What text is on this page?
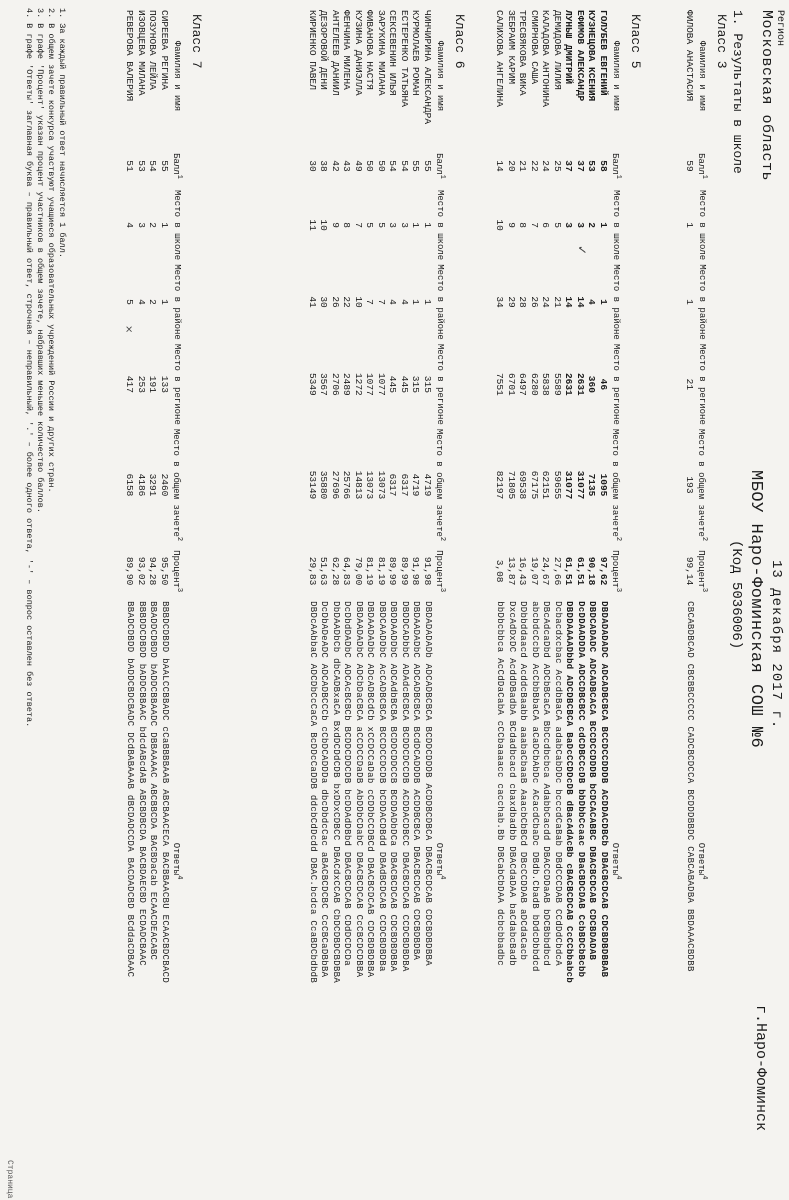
Регион
Московская область
13 декабря 2017 г.
МБОУ Наро-Фоминская СОШ №6
(Код 5036006)
г.Наро-Фоминск
1. Результаты в школе
Класс 3
Фамилия и имя	Балл$^1$	Место в школе	Место в районе	Место в регионе	Место в общем зачете$^2$	Процент$^3$	Ответы$^4$
ФИЛОВА АНАСТАСИЯ	59	1	1	21	193	99,14	CBCABDBCAD CBCBBCCCCC CADCBCDCCA BCDDDBBDC CABCABADBA BBDAAACBDBB
Класс 5
Фамилия и имя	Балл$^1$	Место в школе	Место в районе	Место в регионе	Место в общем зачете$^2$	Процент$^3$	Ответы$^4$
ГОЛУБЕВ ЕВГЕНИЙ	58	1	1	46	1095	97,62	DBDADADADC ADCADBCBCA BCCDCCDDDB ACDDACDBCb DBACBCDCAB CDCBDBDBBAB
КУЗНЕЦОВА КСЕНИЯ	53	2	4	360	7135	90,18	DBDCADADC ADCADBCACA BCCDCCDDDB bCDCACABBC DBACBCDCAB CDCBDADAB
ЕФИМОВ АЛЕКСАНДР	37	3	14	2631	31077	61,51	DcDDAADDDA ADCCDBCBCC cdCDBCCcDB bbDbbCcaac DBaCBDCDAB CcbBDCbBcbb
ЛУНЬШ ДМИТРИЙ	37	3	14	2631	31077	61,51	DBDDAAAADbbd ADCDBCBCA BaDcCCDDcDB dBacAdAcBb cBACBCDCAB CcCCbbabcb
ДЕМИДОВА ЛИЛИЯ	25	5	21	5589	59655	27,66	Dcbacdxcbac AccdbBaCA adabCabDDc bcccdCaBab DBdCCCDAB CCdDdCbdcA
КАЛАДОВА АНТОНИНА	24	6	24	5838	62151	24,67	DBcAdcaDbd ADCbBCaCA BbCcdbcbca AdabbCacdd DBACCDDaAB bDCBbbdbcd
СМИРНОВА САША	22	7	26	6280	67175	19,07	abcbdcCcbD AcCbbBbaCA aCaDCbAbDc ACacdCbaDc DBdb.CbadB bDdcDbbdcd
ТРЕСВЯКОВА ВИКА	21	8	28	6497	69538	16,43	DDbbddaacd AcddcBaabb aaabaCbaaB AaacbCbBCd DBcCCDDAB aDCdaCacb
ЗЕБРАИМ КАРИМ	20	9	29	6701	71805	13,87	DxcAdDxDC AcddDBadbA BCdadbcacd cbaxdbadbb DBACdaDAA baCdabcBadb
САЛИХОВА АНГЕЛИНА	14	10	34	7551	82197	3,08	bbDbcbbca AcCdDaCabA cCCbaaaacc cacchab.Bb DBCabCbDAA dcbcbbadbc
Класс 6
Фамилия и имя	Балл$^1$	Место в школе	Место в районе	Место в регионе	Место в общем зачете$^2$	Процент$^3$	Ответы$^4$
ЧИНЧИРИНА АЛЕКСАНДРА	55	1	1	315	4719	91,98	DBDADADADb ADCADBCBCA BCDDCDDDB ACDDBCDBCA DBACBCDCAB CDCBDBDBBA
КУРМОЛАЕВ РОМАН	55	1	1	315	4719	91,98	DBDAADADbC ADCADBCBCA BCdDCADDDB ACDDBCBCA DBACBCDCAB CDCBDBDBA
ЕСТЕРЕНКО ТАТЬЯНА	54	3	4	445	6317	89,99	DBDDCADbbC ADAdcBCBCA BCDDCDCCDB ACDDACDBCC DBACBCDCAB CCDCBDBDBA
СЕКСЕВЕНИН ИЛЬЯ	54	3	4	445	6317	89,99	DBDDAADDbC ADCAdbBCBA BCDDCDDCCB BCDDADbDCa DBACBCDCAB CDCBDBDBBA
ЗАРУКИНА МИЛАНА	50	5	7	1077	13073	81,19	DBDCAADDbC AcCADBCBCA BCCDCCDCDB bCDDACDBdd DBAdBCDCAB CCDCBDBDBa
ФИВАНОВА НАСТЯ	50	5	7	1077	13073	81,19	DBDAADADbC ADcADBCdCb xCCDCCaDab cCDDbCCDBCd DBACBCDCAB CDCBDBDBBA
КУЗИНА ДАНИЭЛЛА	49	7	10	1272	14813	79,00	DBDAADADbC ADCbDaCBCA aCCDCCDaDB AbDDbCDabC DBACBCDCAB CcCBCDCDBBA
ФЕНЧИНА МИЛЕНА	43	8	22	2489	25766	64,83	DcDbdDADbC ADCAcBCBCb BCDDCDDCDB bcDDAdDBbd DBACBCDCAB CDdDCDCDa
АНТЕЛЕЕВ ДАНИИЛ	42	9	26	2706	27696	62,28	DbDAADbCb dbCADBxaCA BxdDCDdCDB bxDDxCDBCC DBACdxCCAB CbDCDBDCBDBBA
ДЕЗОРОВОЙ ДЕНИ	38	10	30	3567	35880	51,63	DcDbADeADC ADCADBCCCb cCbDCADDDa dbcDbdcCac aBACBCDCBC CcCBCaDBbBA
КИРИЕНКО ПАВЕЛ	30	11	41	5349	53149	29,83	DBDcAAbbaC ADCDbCcCaCA BcDDcCaDDB ddcbCdDcdd DBAC.bcdca CcaBDCbdbdB
Класс 7
Фамилия и имя	Балл$^1$	Место в школе	Место в районе	Место в регионе	Место в общем зачете$^2$	Процент$^3$	Ответы$^4$
СИРЕЕВА РЕГИНА	55	1	1	133	2460	95,50	BBBDCDBDD bAALCCBBADC cCaBBBBAAB ABCBAACECA BACBBAACBU ECAACBDCBACD
ПОЗУНОВА ЛЕЙЛА	54	2	2	191	3291	94,28	BBADDCDBDD bADDCBBAADC DBBAAAAC ABCBBCDA BACBDaCab ECAACDEACABC
ИЗОВЦЕВА МИЛАНА	53	3	4	253	4186	93,02	BBBDDCDBDD bADDCBBAAC bdcdABcdAB ABCBDBCDA BACBDAECBD ECDADCBAAC
РЕВЕРОВА ВАЛЕРИЯ	51	4	5	417	6158	89,90	BBADCDBDD bADDCBDCBADC DCdBABAAAB dBCDADCCDA BACDADCBD BCddaCDBAAC
1. За каждый правильный ответ начисляется 1 балл.
2. В общем зачете конкурса участвуют учащиеся образовательных учреждений России и других стран.
3. В графе 'Процент' указан процент участников в общем зачете, набравших меньшее количество баллов.
4. В графе 'Ответы' заглавная буква – правильный ответ, строчная – неправильный, '.' – более одного ответа, '-' – вопрос оставлен без ответа.
Страница
✓
×
